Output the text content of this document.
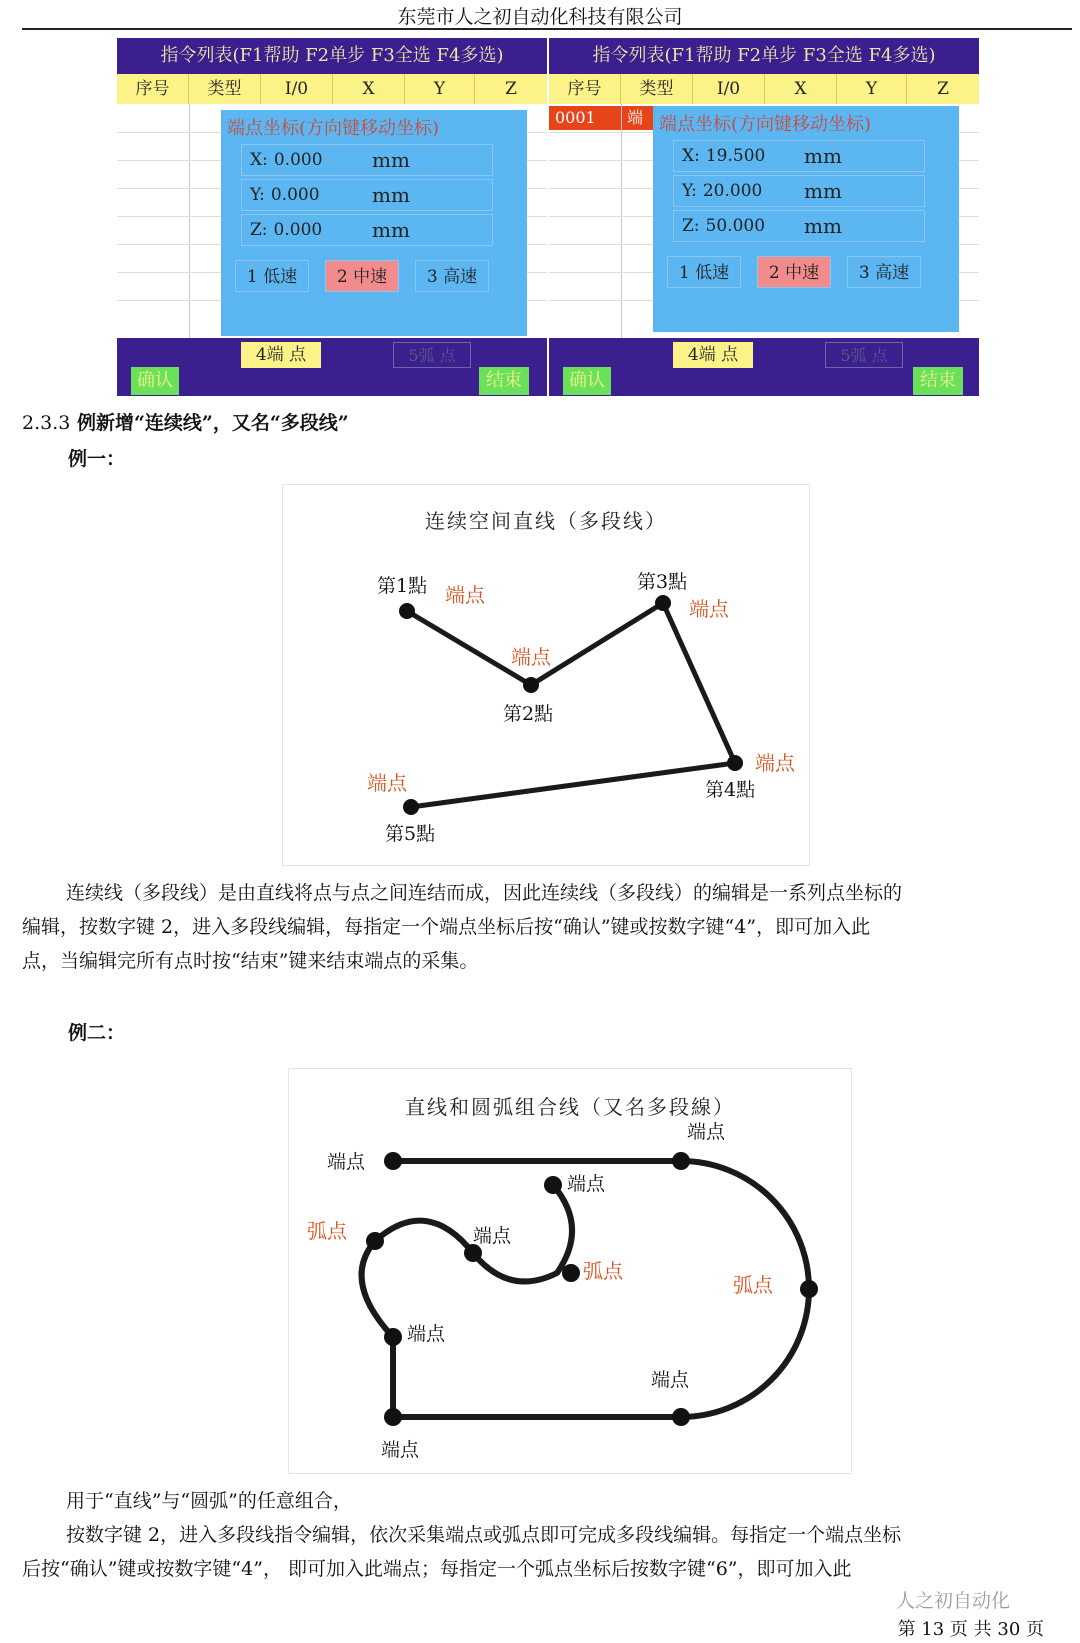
东莞市人之初自动化科技有限公司
指令列表(F1帮助 F2单步 F3全选 F4多选)
序号	类型	I/0	X	Y	Z
端点坐标(方向键移动坐标)
X: 0.000 mm
Y: 0.000	mm
Z: 0.000 mm
1 低速	2 中速	3 高速
4端 点	5弧 点
确认	结束
指令列表(F1帮助 F2单步 F3全选 F4多选)
序号	类型	I/0	X	Y	Z
0001	端 端点坐标(方向键移动坐标)
X: 19.500 mm
Y: 20.000 mm
Z: 50.000 mm
1 低速	2 中速	3 高速
4端 点	5弧 点
确认	结束
2.3.3 例新增“连续线”，又名“多段线”
例一：
连续空间直线（多段线）
第1點 端点
端点
第2點
第3點
端点
端点
第4點
端点
第5點
连续线（多段线）是由直线将点与点之间连结而成，因此连续线（多段线）的编辑是一系列点坐标的
编辑，按数字键 2，进入多段线编辑，每指定一个端点坐标后按“确认”键或按数字键“4”，即可加入此
点，当编辑完所有点时按“结束”键来结束端点的采集。
例二：
直线和圆弧组合线（又名多段線）
端点
端点
端点
弧点	端点
弧点
弧点
端点
端点
端点
用于“直线”与“圆弧”的任意组合，
按数字键 2，进入多段线指令编辑，依次采集端点或弧点即可完成多段线编辑。每指定一个端点坐标
后按“确认”键或按数字键“4”， 即可加入此端点；每指定一个弧点坐标后按数字键“6”，即可加入此
人之初自动化
第 13 页 共 30 页
